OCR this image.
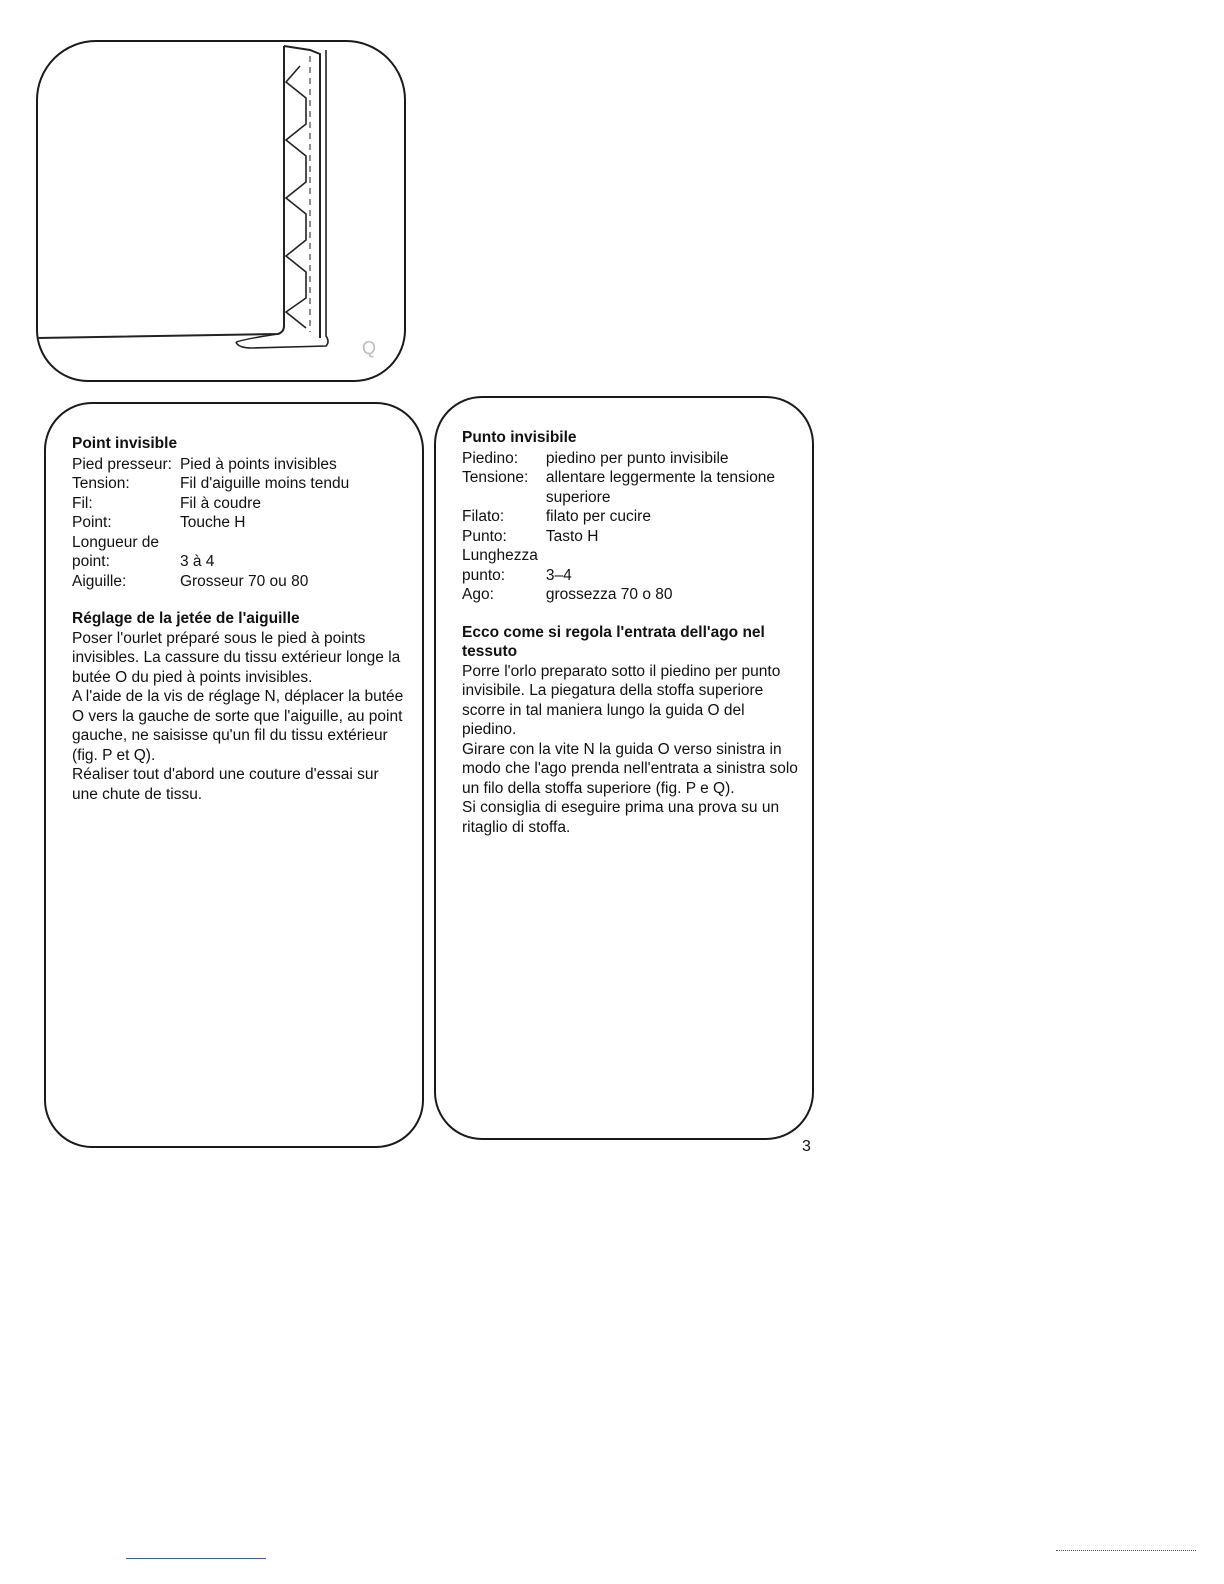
Q
Point invisible
Pied presseur:	Pied à points invisibles
Tension:	Fil d'aiguille moins tendu
Fil:	Fil à coudre
Point:	Touche H
Longueur de	
point:	3 à 4
Aiguille:	Grosseur 70 ou 80
Réglage de la jetée de l'aiguille

Poser l'ourlet préparé sous le pied à points invisibles. La cassure du tissu extérieur longe la butée O du pied à points invisibles.

A l'aide de la vis de réglage N, déplacer la butée O vers la gauche de sorte que l'aiguille, au point gauche, ne saisisse qu'un fil du tissu extérieur (fig. P et Q).

Réaliser tout d'abord une couture d'essai sur une chute de tissu.

Punto invisibile
Piedino:	piedino per punto invisibile
Tensione:	allentare leggermente la tensione superiore
Filato:	filato per cucire
Punto:	Tasto H
Lunghezza	
punto:	3–4
Ago:	grossezza 70 o 80
Ecco come si regola l'entrata dell'ago nel tessuto

Porre l'orlo preparato sotto il piedino per punto invisibile. La piegatura della stoffa superiore scorre in tal maniera lungo la guida O del piedino.

Girare con la vite N la guida O verso sinistra in modo che l'ago prenda nell'entrata a sinistra solo un filo della stoffa superiore (fig. P e Q).

Si consiglia di eseguire prima una prova su un ritaglio di stoffa.

3
